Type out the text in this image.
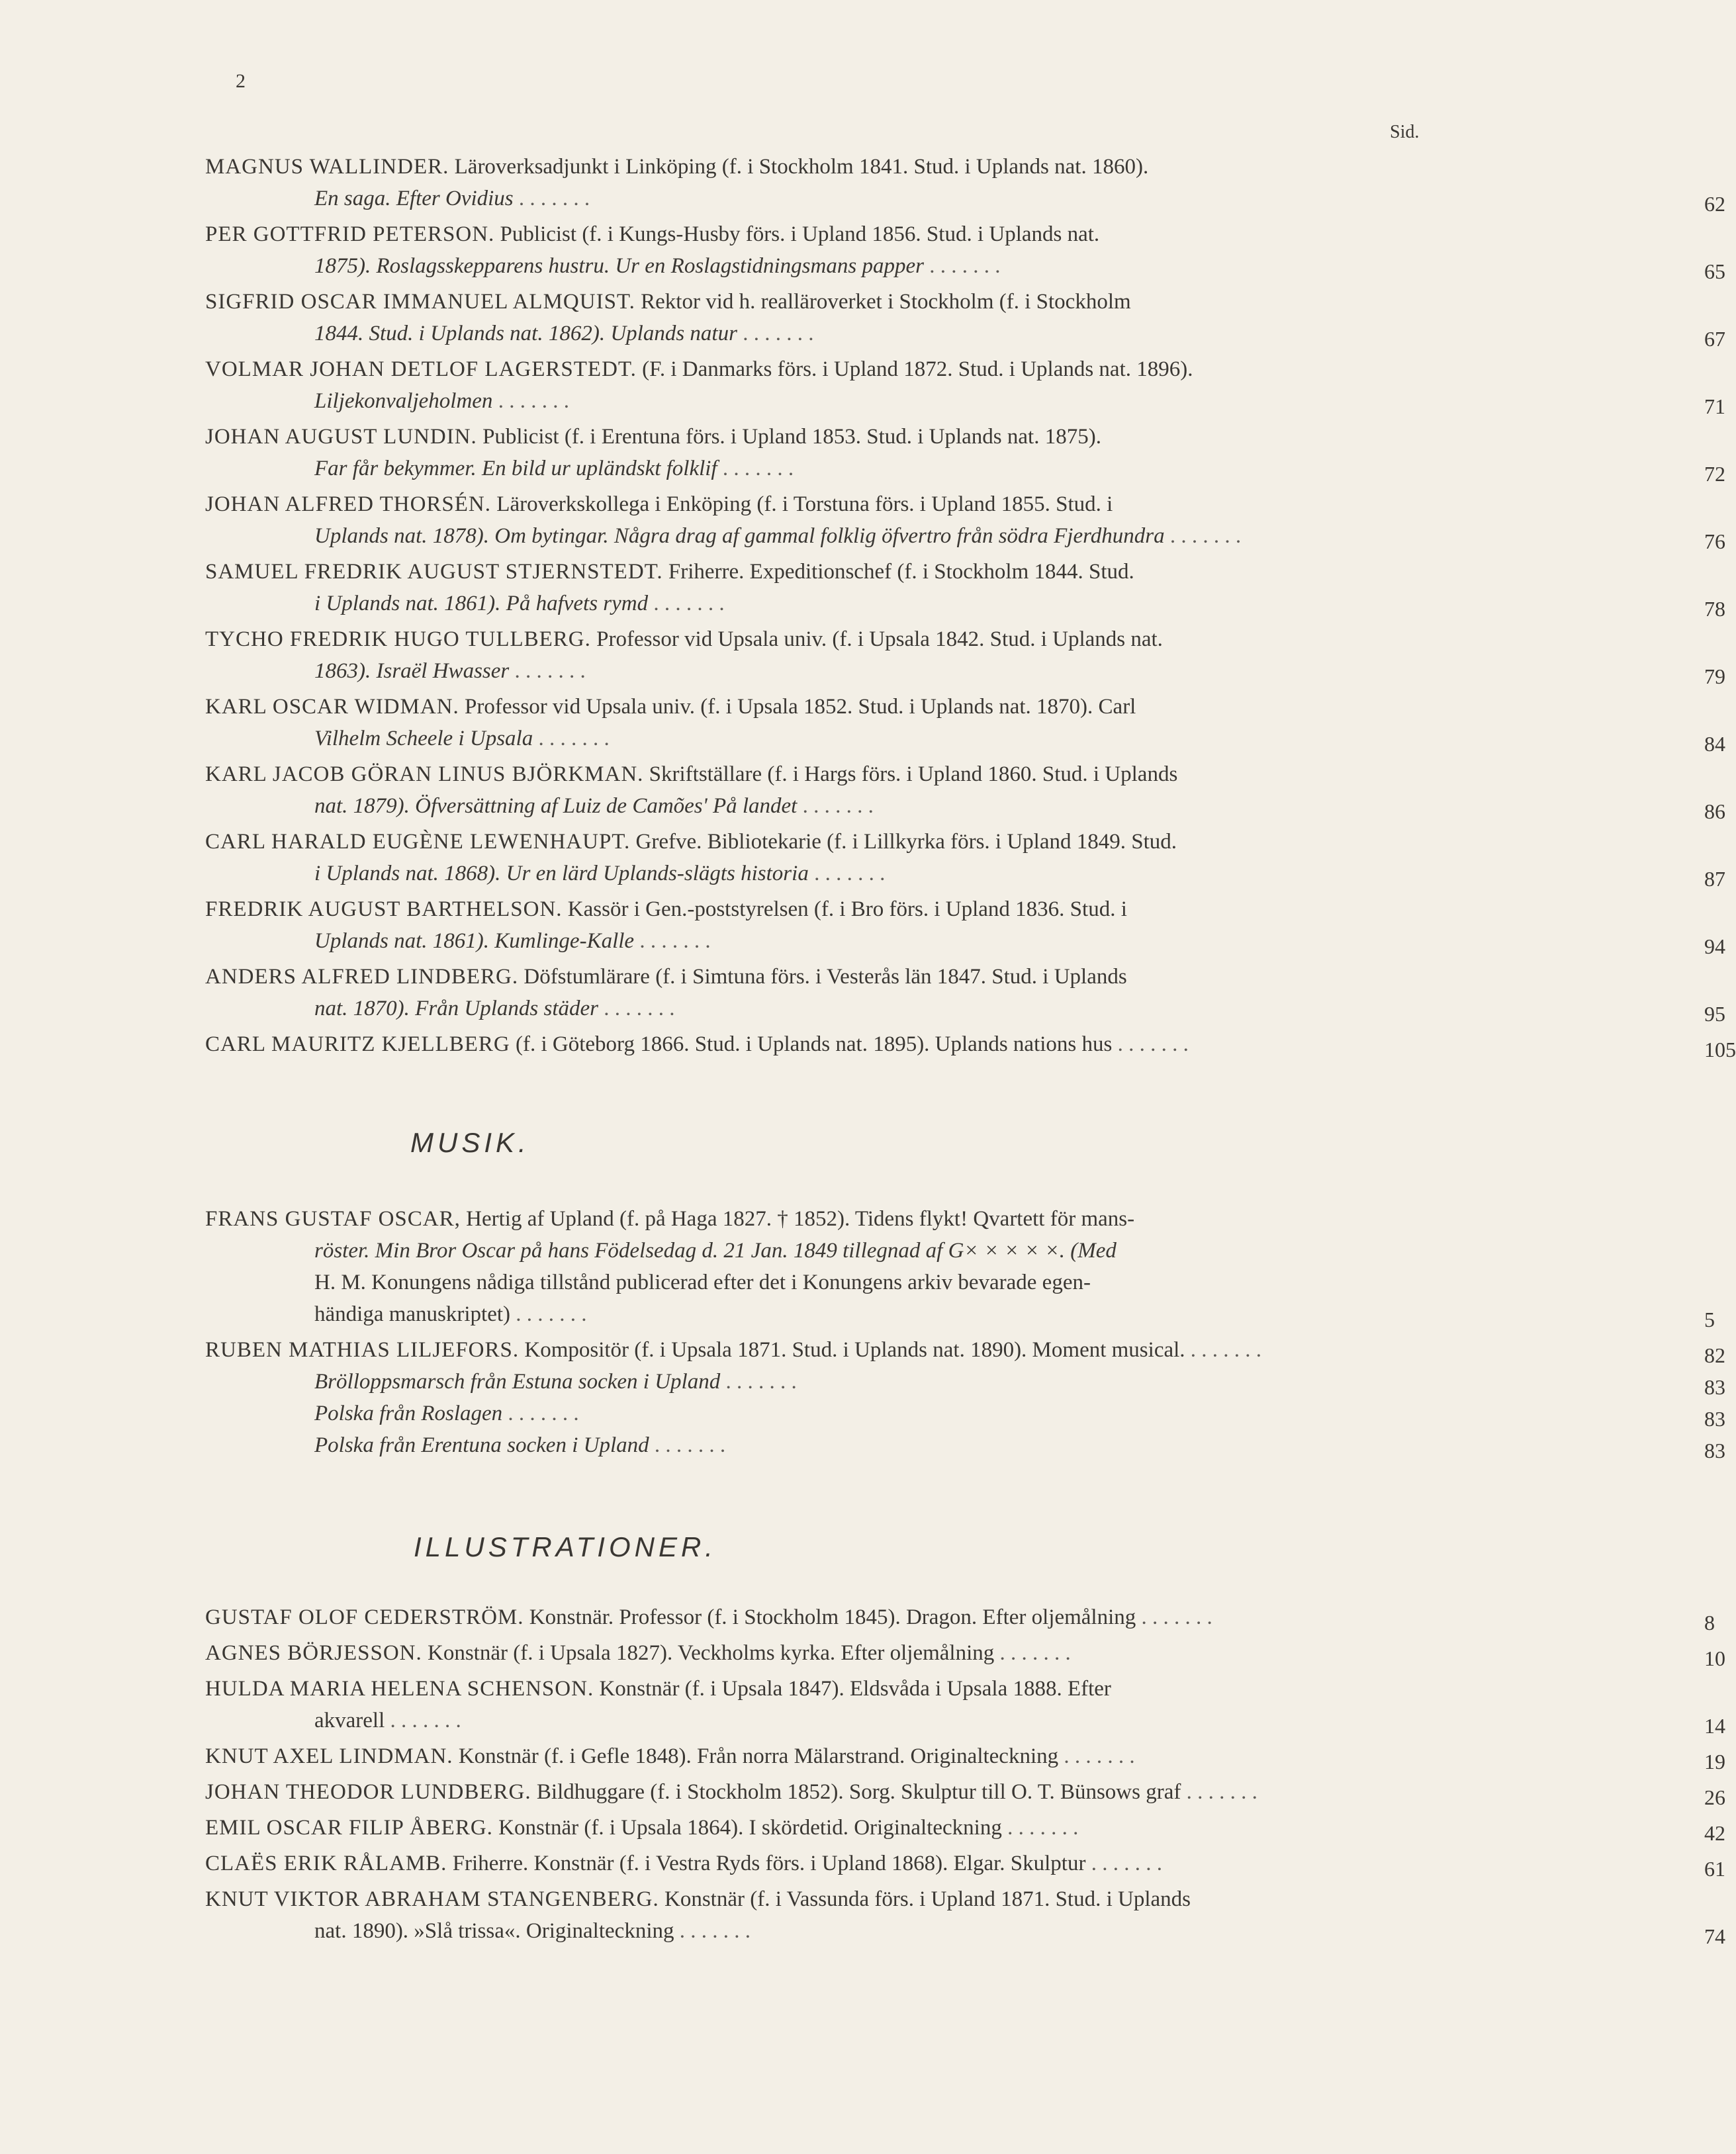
2
Sid.
MAGNUS WALLINDER. Läroverksadjunkt i Linköping (f. i Stockholm 1841. Stud. i Uplands nat. 1860).
En saga. Efter Ovidius . . . . . . .	62
PER GOTTFRID PETERSON. Publicist (f. i Kungs-Husby förs. i Upland 1856. Stud. i Uplands nat.
1875). Roslagsskepparens hustru. Ur en Roslagstidningsmans papper . . . . . . .	65
SIGFRID OSCAR IMMANUEL ALMQUIST. Rektor vid h. realläroverket i Stockholm (f. i Stockholm
1844. Stud. i Uplands nat. 1862). Uplands natur . . . . . . .	67
VOLMAR JOHAN DETLOF LAGERSTEDT. (F. i Danmarks förs. i Upland 1872. Stud. i Uplands nat. 1896).
Liljekonvaljeholmen . . . . . . .	71
JOHAN AUGUST LUNDIN. Publicist (f. i Erentuna förs. i Upland 1853. Stud. i Uplands nat. 1875).
Far får bekymmer. En bild ur upländskt folklif . . . . . . .	72
JOHAN ALFRED THORSÉN. Läroverkskollega i Enköping (f. i Torstuna förs. i Upland 1855. Stud. i
Uplands nat. 1878). Om bytingar. Några drag af gammal folklig öfvertro från södra Fjerdhundra . . . . . . .	76
SAMUEL FREDRIK AUGUST STJERNSTEDT. Friherre. Expeditionschef (f. i Stockholm 1844. Stud.
i Uplands nat. 1861). På hafvets rymd . . . . . . .	78
TYCHO FREDRIK HUGO TULLBERG. Professor vid Upsala univ. (f. i Upsala 1842. Stud. i Uplands nat.
1863). Israël Hwasser . . . . . . .	79
KARL OSCAR WIDMAN. Professor vid Upsala univ. (f. i Upsala 1852. Stud. i Uplands nat. 1870). Carl
Vilhelm Scheele i Upsala . . . . . . .	84
KARL JACOB GÖRAN LINUS BJÖRKMAN. Skriftställare (f. i Hargs förs. i Upland 1860. Stud. i Uplands
nat. 1879). Öfversättning af Luiz de Camões' På landet . . . . . . .	86
CARL HARALD EUGÈNE LEWENHAUPT. Grefve. Bibliotekarie (f. i Lillkyrka förs. i Upland 1849. Stud.
i Uplands nat. 1868). Ur en lärd Uplands-slägts historia . . . . . . .	87
FREDRIK AUGUST BARTHELSON. Kassör i Gen.-poststyrelsen (f. i Bro förs. i Upland 1836. Stud. i
Uplands nat. 1861). Kumlinge-Kalle . . . . . . .	94
ANDERS ALFRED LINDBERG. Döfstumlärare (f. i Simtuna förs. i Vesterås län 1847. Stud. i Uplands
nat. 1870). Från Uplands städer . . . . . . .	95
CARL MAURITZ KJELLBERG (f. i Göteborg 1866. Stud. i Uplands nat. 1895). Uplands nations hus . . . . . . .	105
MUSIK.
FRANS GUSTAF OSCAR, Hertig af Upland (f. på Haga 1827. † 1852). Tidens flykt! Qvartett för mans-
röster. Min Bror Oscar på hans Födelsedag d. 21 Jan. 1849 tillegnad af G× × × × ×. (Med
H. M. Konungens nådiga tillstånd publicerad efter det i Konungens arkiv bevarade egen-
händiga manuskriptet) . . . . . . .	5
RUBEN MATHIAS LILJEFORS. Kompositör (f. i Upsala 1871. Stud. i Uplands nat. 1890). Moment musical. . . . . . . .	82
Brölloppsmarsch från Estuna socken i Upland . . . . . . .	83
Polska från Roslagen . . . . . . .	83
Polska från Erentuna socken i Upland . . . . . . .	83
ILLUSTRATIONER.
GUSTAF OLOF CEDERSTRÖM. Konstnär. Professor (f. i Stockholm 1845). Dragon. Efter oljemålning . . . . . . .	8
AGNES BÖRJESSON. Konstnär (f. i Upsala 1827). Veckholms kyrka. Efter oljemålning . . . . . . .	10
HULDA MARIA HELENA SCHENSON. Konstnär (f. i Upsala 1847). Eldsvåda i Upsala 1888. Efter
akvarell . . . . . . .	14
KNUT AXEL LINDMAN. Konstnär (f. i Gefle 1848). Från norra Mälarstrand. Originalteckning . . . . . . .	19
JOHAN THEODOR LUNDBERG. Bildhuggare (f. i Stockholm 1852). Sorg. Skulptur till O. T. Bünsows graf . . . . . . .	26
EMIL OSCAR FILIP ÅBERG. Konstnär (f. i Upsala 1864). I skördetid. Originalteckning . . . . . . .	42
CLAËS ERIK RÅLAMB. Friherre. Konstnär (f. i Vestra Ryds förs. i Upland 1868). Elgar. Skulptur . . . . . . .	61
KNUT VIKTOR ABRAHAM STANGENBERG. Konstnär (f. i Vassunda förs. i Upland 1871. Stud. i Uplands
nat. 1890). »Slå trissa«. Originalteckning . . . . . . .	74
